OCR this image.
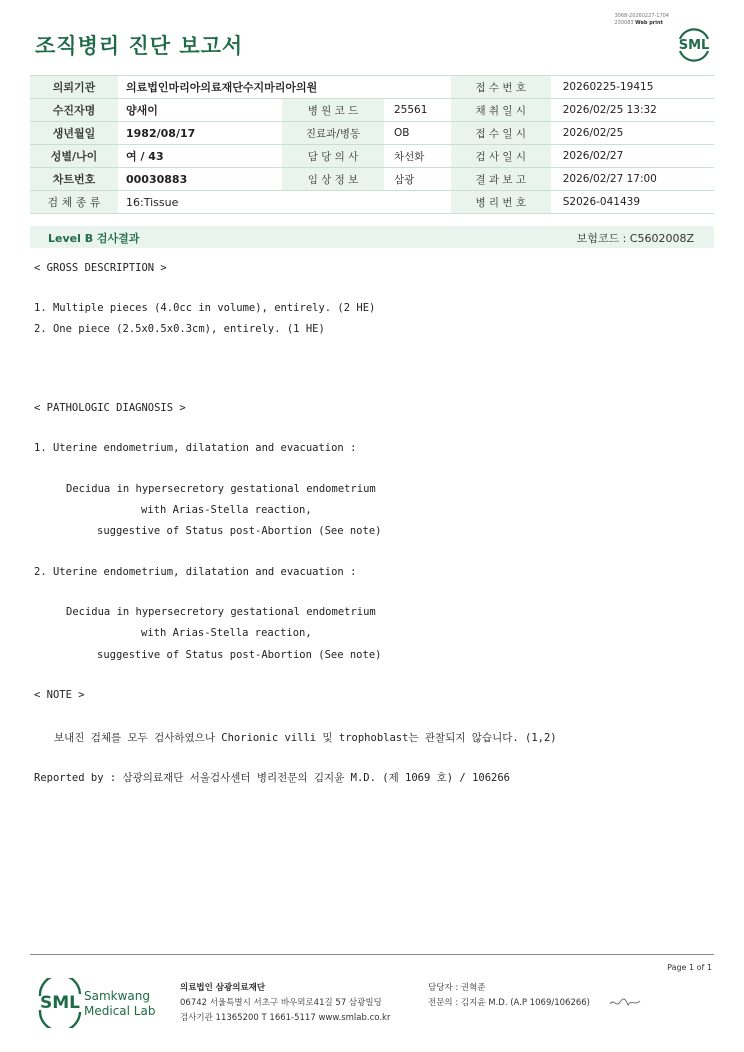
조직병리 진단 보고서
3068-20260227-1704
230083 Web print
SML
의뢰기관	의료법인마리아의료재단수지마리아의원			접 수 번 호	20260225-19415
수진자명	양새이	병 원 코 드	25561	채 취 일 시	2026/02/25 13:32
생년월일	1982/08/17	진료과/병동	OB	접 수 일 시	2026/02/25
성별/나이	여 / 43	담 당 의 사	차선화	검 사 일 시	2026/02/27
차트번호	00030883	임 상 정 보	삼광	결 과 보 고	2026/02/27 17:00
검 체 종 류	16:Tissue			병 리 번 호	S2026-041439
Level B 검사결과	보험코드 : C5602008Z
< GROSS DESCRIPTION >
1. Multiple pieces (4.0cc in volume), entirely. (2 HE)
2. One piece (2.5x0.5x0.3cm), entirely. (1 HE)
< PATHOLOGIC DIAGNOSIS >
1. Uterine endometrium, dilatation and evacuation :
Decidua in hypersecretory gestational endometrium
with Arias-Stella reaction,
suggestive of Status post-Abortion (See note)
2. Uterine endometrium, dilatation and evacuation :
Decidua in hypersecretory gestational endometrium
with Arias-Stella reaction,
suggestive of Status post-Abortion (See note)
< NOTE >
보내진 검체를 모두 검사하였으나 Chorionic villi 및 trophoblast는 관찰되지 않습니다. (1,2)
Reported by : 삼광의료재단 서울검사센터 병리전문의 김지윤 M.D. (제 1069 호) / 106266
Page 1 of 1
SML Samkwang
Medical Lab
의료법인 삼광의료재단
06742 서울특별시 서초구 바우뫼로41길 57 삼광빌딩
검사기관 11365200 T 1661-5117 www.smlab.co.kr
담당자 : 권혁준
전문의 : 김지윤 M.D. (A.P 1069/106266)
